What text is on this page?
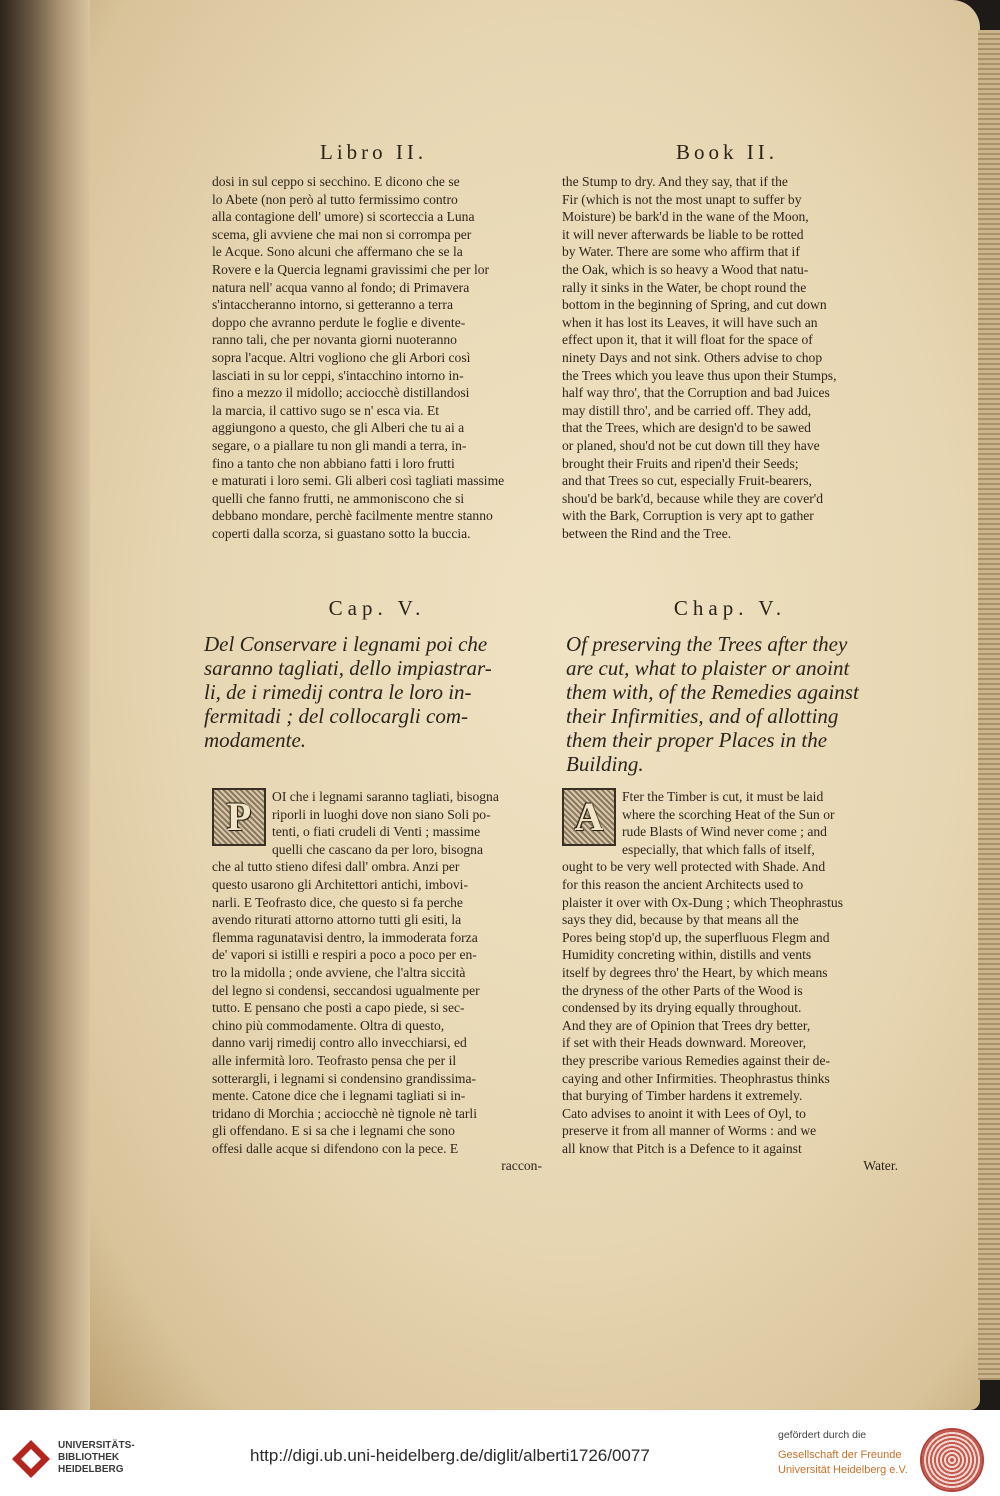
Libro II.	Book II.
dosi in sul ceppo si secchino. E dicono che se
lo Abete (non però al tutto fermissimo contro
alla contagione dell' umore) si scorteccia a Luna
scema, gli avviene che mai non si corrompa per
le Acque. Sono alcuni che affermano che se la
Rovere e la Quercia legnami gravissimi che per lor
natura nell' acqua vanno al fondo; di Primavera
s'intaccheranno intorno, si getteranno a terra
doppo che avranno perdute le foglie e divente-
ranno tali, che per novanta giorni nuoteranno
sopra l'acque. Altri vogliono che gli Arbori così
lasciati in su lor ceppi, s'intacchino intorno in-
fino a mezzo il midollo; acciocchè distillandosi
la marcia, il cattivo sugo se n' esca via. Et
aggiungono a questo, che gli Alberi che tu ai a
segare, o a piallare tu non gli mandi a terra, in-
fino a tanto che non abbiano fatti i loro frutti
e maturati i loro semi. Gli alberi così tagliati massime
quelli che fanno frutti, ne ammoniscono che si
debbano mondare, perchè facilmente mentre stanno
coperti dalla scorza, si guastano sotto la buccia.
the Stump to dry. And they say, that if the
Fir (which is not the most unapt to suffer by
Moisture) be bark'd in the wane of the Moon,
it will never afterwards be liable to be rotted
by Water. There are some who affirm that if
the Oak, which is so heavy a Wood that natu-
rally it sinks in the Water, be chopt round the
bottom in the beginning of Spring, and cut down
when it has lost its Leaves, it will have such an
effect upon it, that it will float for the space of
ninety Days and not sink. Others advise to chop
the Trees which you leave thus upon their Stumps,
half way thro', that the Corruption and bad Juices
may distill thro', and be carried off. They add,
that the Trees, which are design'd to be sawed
or planed, shou'd not be cut down till they have
brought their Fruits and ripen'd their Seeds;
and that Trees so cut, especially Fruit-bearers,
shou'd be bark'd, because while they are cover'd
with the Bark, Corruption is very apt to gather
between the Rind and the Tree.
Cap. V.	Chap. V.
Del Conservare i legnami poi che
saranno tagliati, dello impiastrar-
li, de i rimedij contra le loro in-
fermitadi ; del collocargli com-
modamente.
Of preserving the Trees after they
are cut, what to plaister or anoint
them with, of the Remedies against
their Infirmities, and of allotting
them their proper Places in the
Building.
P	OI che i legnami saranno tagliati, bisogna
riporli in luoghi dove non siano Soli po-
tenti, o fiati crudeli di Venti ; massime
quelli che cascano da per loro, bisogna
che al tutto stieno difesi dall' ombra. Anzi per
questo usarono gli Architettori antichi, imbovi-
narli. E Teofrasto dice, che questo si fa perche
avendo riturati attorno attorno tutti gli esiti, la
flemma ragunatavisi dentro, la immoderata forza
de' vapori si istilli e respiri a poco a poco per en-
tro la midolla ; onde avviene, che l'altra siccità
del legno si condensi, seccandosi ugualmente per
tutto. E pensano che posti a capo piede, si sec-
chino più commodamente. Oltra di questo,
danno varij rimedij contro allo invecchiarsi, ed
alle infermità loro. Teofrasto pensa che per il
sotterargli, i legnami si condensino grandissima-
mente. Catone dice che i legnami tagliati si in-
tridano di Morchia ; acciocchè nè tignole nè tarli
gli offendano. E si sa che i legnami che sono
offesi dalle acque si difendono con la pece. E
raccon-
A	Fter the Timber is cut, it must be laid
where the scorching Heat of the Sun or
rude Blasts of Wind never come ; and
especially, that which falls of itself,
ought to be very well protected with Shade. And
for this reason the ancient Architects used to
plaister it over with Ox-Dung ; which Theophrastus
says they did, because by that means all the
Pores being stop'd up, the superfluous Flegm and
Humidity concreting within, distills and vents
itself by degrees thro' the Heart, by which means
the dryness of the other Parts of the Wood is
condensed by its drying equally throughout.
And they are of Opinion that Trees dry better,
if set with their Heads downward. Moreover,
they prescribe various Remedies against their de-
caying and other Infirmities. Theophrastus thinks
that burying of Timber hardens it extremely.
Cato advises to anoint it with Lees of Oyl, to
preserve it from all manner of Worms : and we
all know that Pitch is a Defence to it against
Water.
UNIVERSITÄTS-
BIBLIOTHEK
HEIDELBERG
http://digi.ub.uni-heidelberg.de/diglit/alberti1726/0077
gefördert durch die
Gesellschaft der Freunde
Universität Heidelberg e.V.
